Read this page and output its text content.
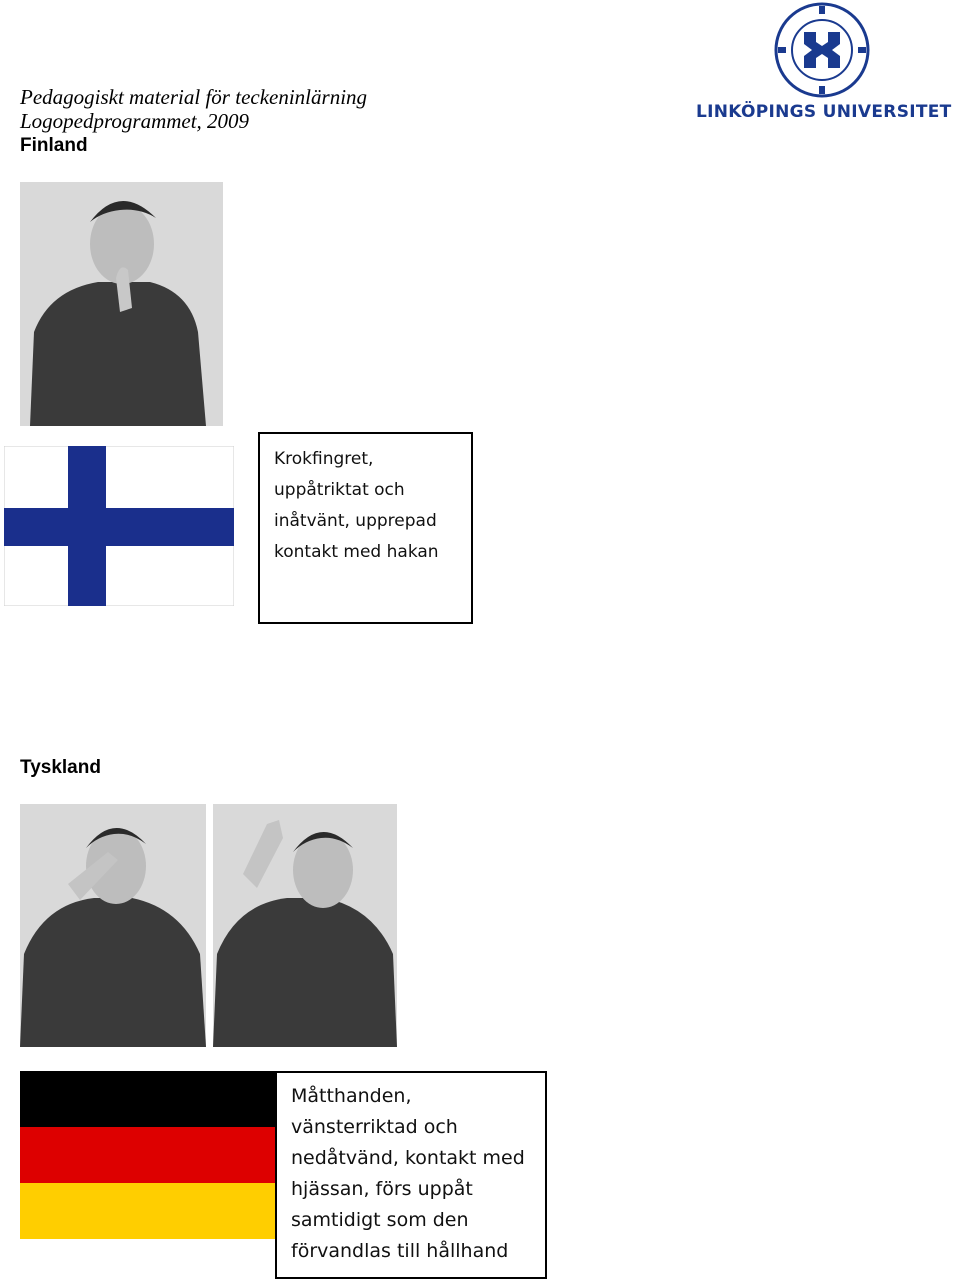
Pedagogiskt material för teckeninlärning
Logopedprogrammet, 2009	LINKÖPINGS UNIVERSITET
Finland
Krokfingret,
uppåtriktat och
inåtvänt, upprepad
kontakt med hakan
Tyskland
Måtthanden,
vänsterriktad och
nedåtvänd, kontakt med
hjässan, förs uppåt
samtidigt som den
förvandlas till hållhand
